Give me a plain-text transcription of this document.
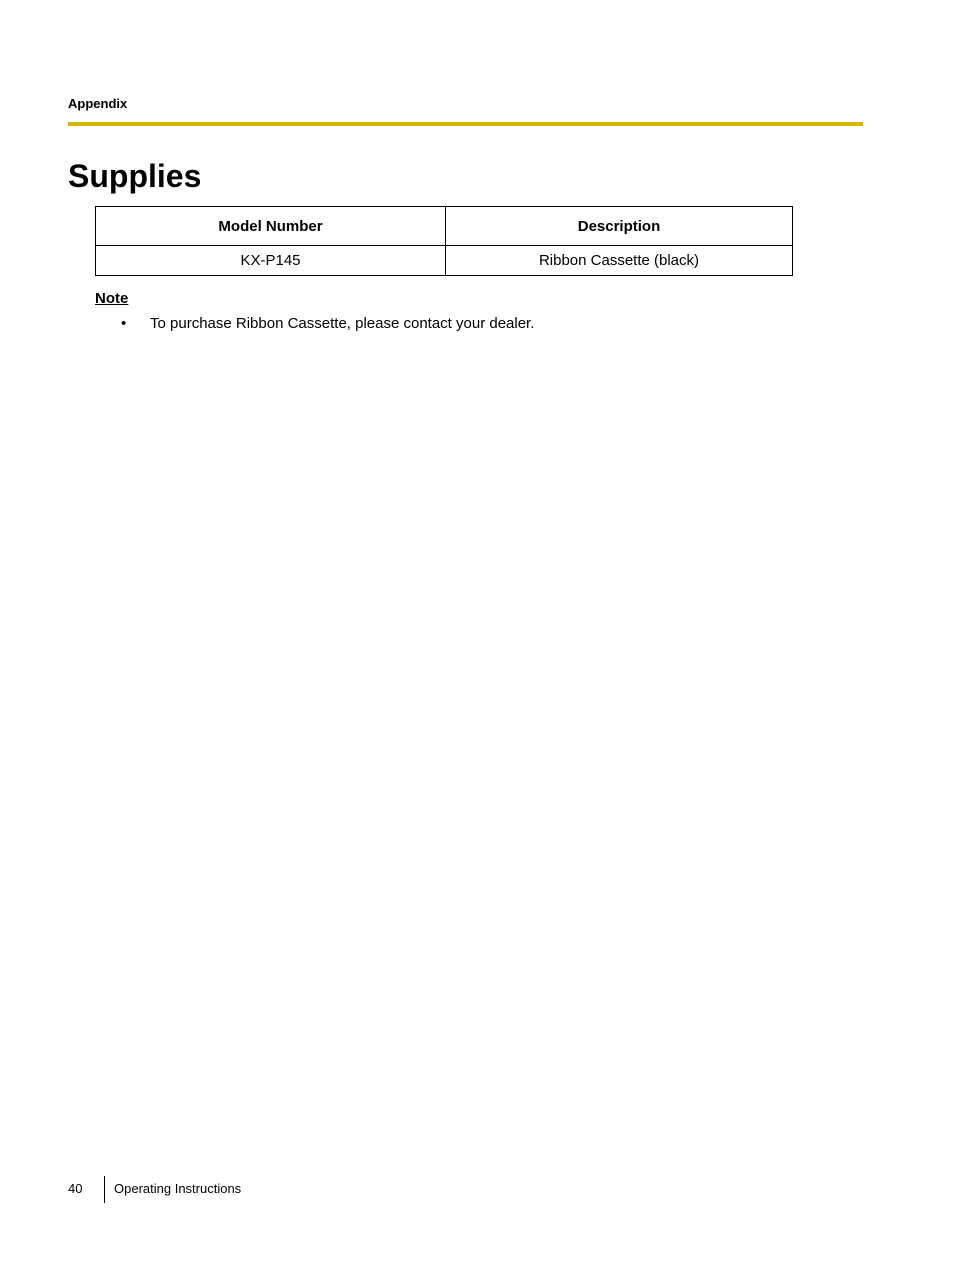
Appendix
Supplies
Model Number	Description
KX-P145	Ribbon Cassette (black)
Note
• To purchase Ribbon Cassette, please contact your dealer.
40 Operating Instructions
